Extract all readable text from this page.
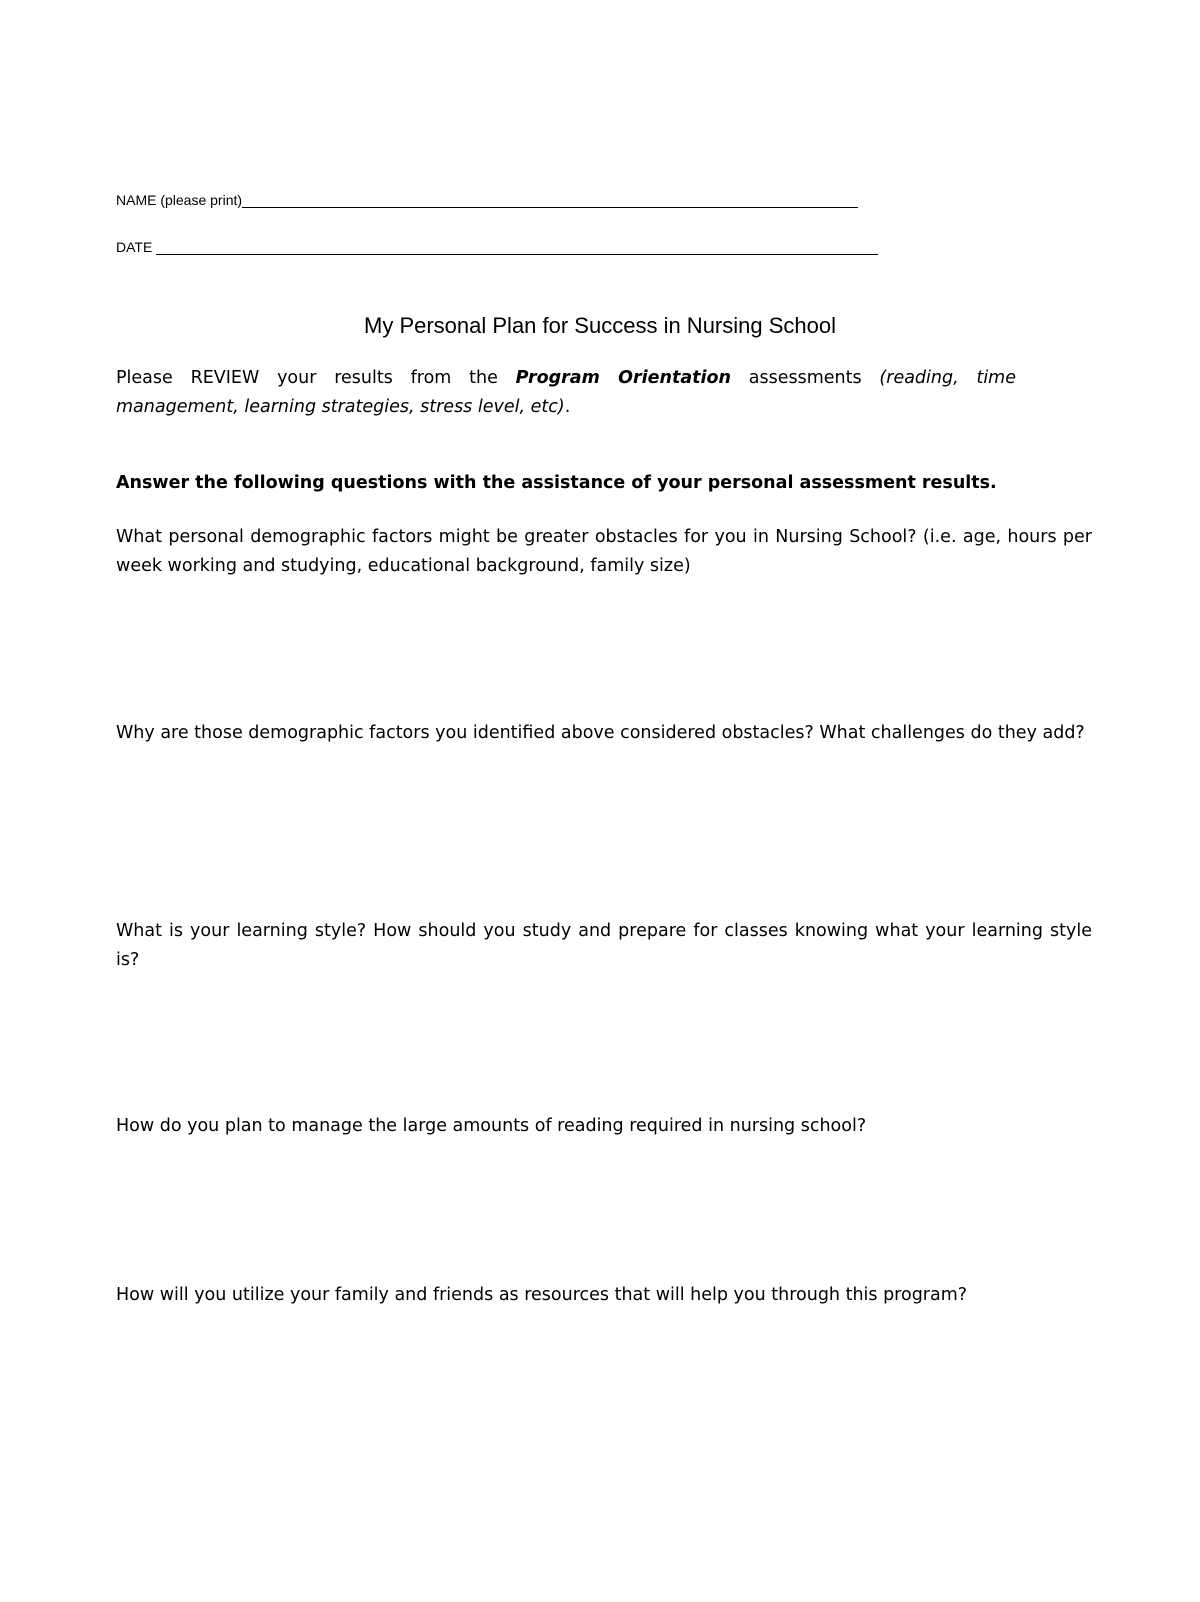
NAME (please print)
DATE
My Personal Plan for Success in Nursing School
Please REVIEW your results from the Program Orientation assessments (reading, time management, learning strategies, stress level, etc).
Answer the following questions with the assistance of your personal assessment results.
What personal demographic factors might be greater obstacles for you in Nursing School? (i.e. age, hours per week working and studying, educational background, family size)
Why are those demographic factors you identified above considered obstacles? What challenges do they add?
What is your learning style? How should you study and prepare for classes knowing what your learning style is?
How do you plan to manage the large amounts of reading required in nursing school?
How will you utilize your family and friends as resources that will help you through this program?
